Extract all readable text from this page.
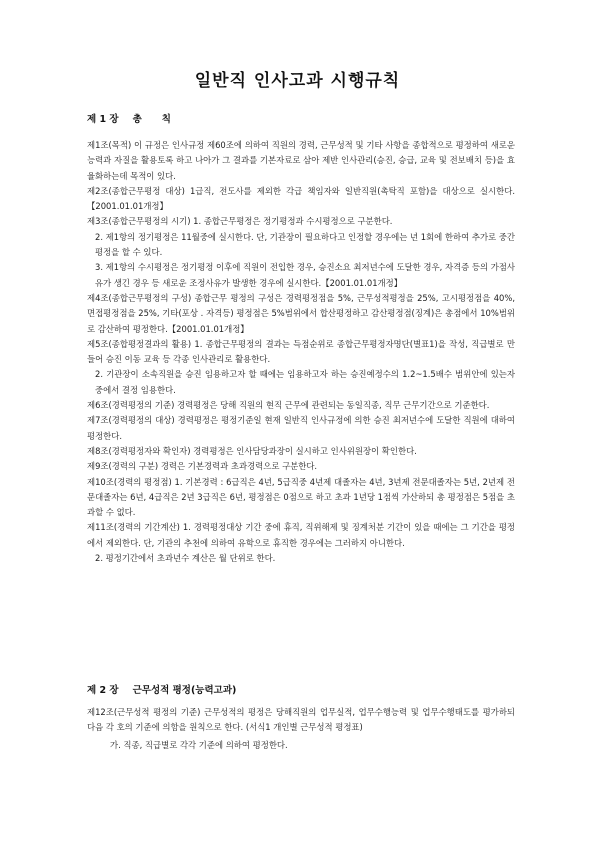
일반직 인사고과 시행규칙
제 1 장 총 칙

제1조(목적) 이 규정은 인사규정 제60조에 의하여 직원의 경력, 근무성적 및 기타 사항을 종합적으로 평정하여 새로운 능력과 자질을 활용토록 하고 나아가 그 결과를 기본자료로 삼아 제반 인사관리(승진, 승급, 교육 및 전보배치 등)을 효율화하는데 목적이 있다.

제2조(종합근무평정 대상) 1급직, 전도사를 제외한 각급 책임자와 일반직원(촉탁직 포함)을 대상으로 실시한다.【2001.01.01개정】

제3조(종합근무평정의 시기) 1. 종합근무평정은 정기평정과 수시평정으로 구분한다.

2. 제1항의 정기평정은 11월중에 실시한다. 단, 기관장이 필요하다고 인정할 경우에는 년 1회에 한하여 추가로 중간평정을 할 수 있다.

3. 제1항의 수시평정은 정기평정 이후에 직원이 전입한 경우, 승진소요 최저년수에 도달한 경우, 자격증 등의 가점사유가 생긴 경우 등 새로운 조정사유가 발생한 경우에 실시한다.【2001.01.01개정】

제4조(종합근무평정의 구성) 종합근무 평정의 구성은 경력평정점을 5%, 근무성적평정을 25%, 고시평정점을 40%, 면접평정점을 25%, 기타(포상 . 자격등) 평정점은 5%범위에서 합산평정하고 감산평정점(징계)은 총점에서 10%범위로 감산하여 평정한다.【2001.01.01개정】

제5조(종합평정결과의 활용) 1. 종합근무평정의 결과는 득점순위로 종합근무평정자명단(별표1)을 작성, 직급별로 만들어 승진 이동 교육 등 각종 인사관리로 활용한다.

2. 기관장이 소속직원을 승진 임용하고자 할 때에는 임용하고자 하는 승진예정수의 1.2~1.5배수 범위안에 있는자 중에서 결정 임용한다.

제6조(경력평정의 기준) 경력평정은 당해 직원의 현직 근무에 관련되는 동일직종, 직무 근무기간으로 기준한다.

제7조(경력평정의 대상) 경력평정은 평정기준일 현재 일반직 인사규정에 의한 승진 최저년수에 도달한 직원에 대하여 평정한다.

제8조(경력평정자와 확인자) 경력평정은 인사담당과장이 실시하고 인사위원장이 확인한다.

제9조(경력의 구분) 경력은 기본경력과 초과경력으로 구분한다.

제10조(경력의 평정점) 1. 기본경력 : 6급직은 4년, 5급직중 4년제 대졸자는 4년, 3년제 전문대졸자는 5년, 2년제 전문대졸자는 6년, 4급직은 2년 3급직은 6년, 평정점은 0점으로 하고 초과 1년당 1점씩 가산하되 총 평정점은 5점을 초과할 수 없다.

제11조(경력의 기간계산) 1. 경력평정대상 기간 중에 휴직, 직위해제 및 징계처분 기간이 있을 때에는 그 기간을 평정에서 제외한다. 단, 기관의 추천에 의하여 유학으로 휴직한 경우에는 그러하지 아니한다.

2. 평정기간에서 초과년수 계산은 월 단위로 한다.

제 2 장 근무성적 평정(능력고과)

제12조(근무성적 평정의 기준) 근무성적의 평정은 당해직원의 업무실적, 업무수행능력 및 업무수행태도를 평가하되 다음 각 호의 기준에 의함을 원칙으로 한다. (서식1 개인별 근무성적 평정표)

가. 직종, 직급별로 각각 기준에 의하여 평정한다.
